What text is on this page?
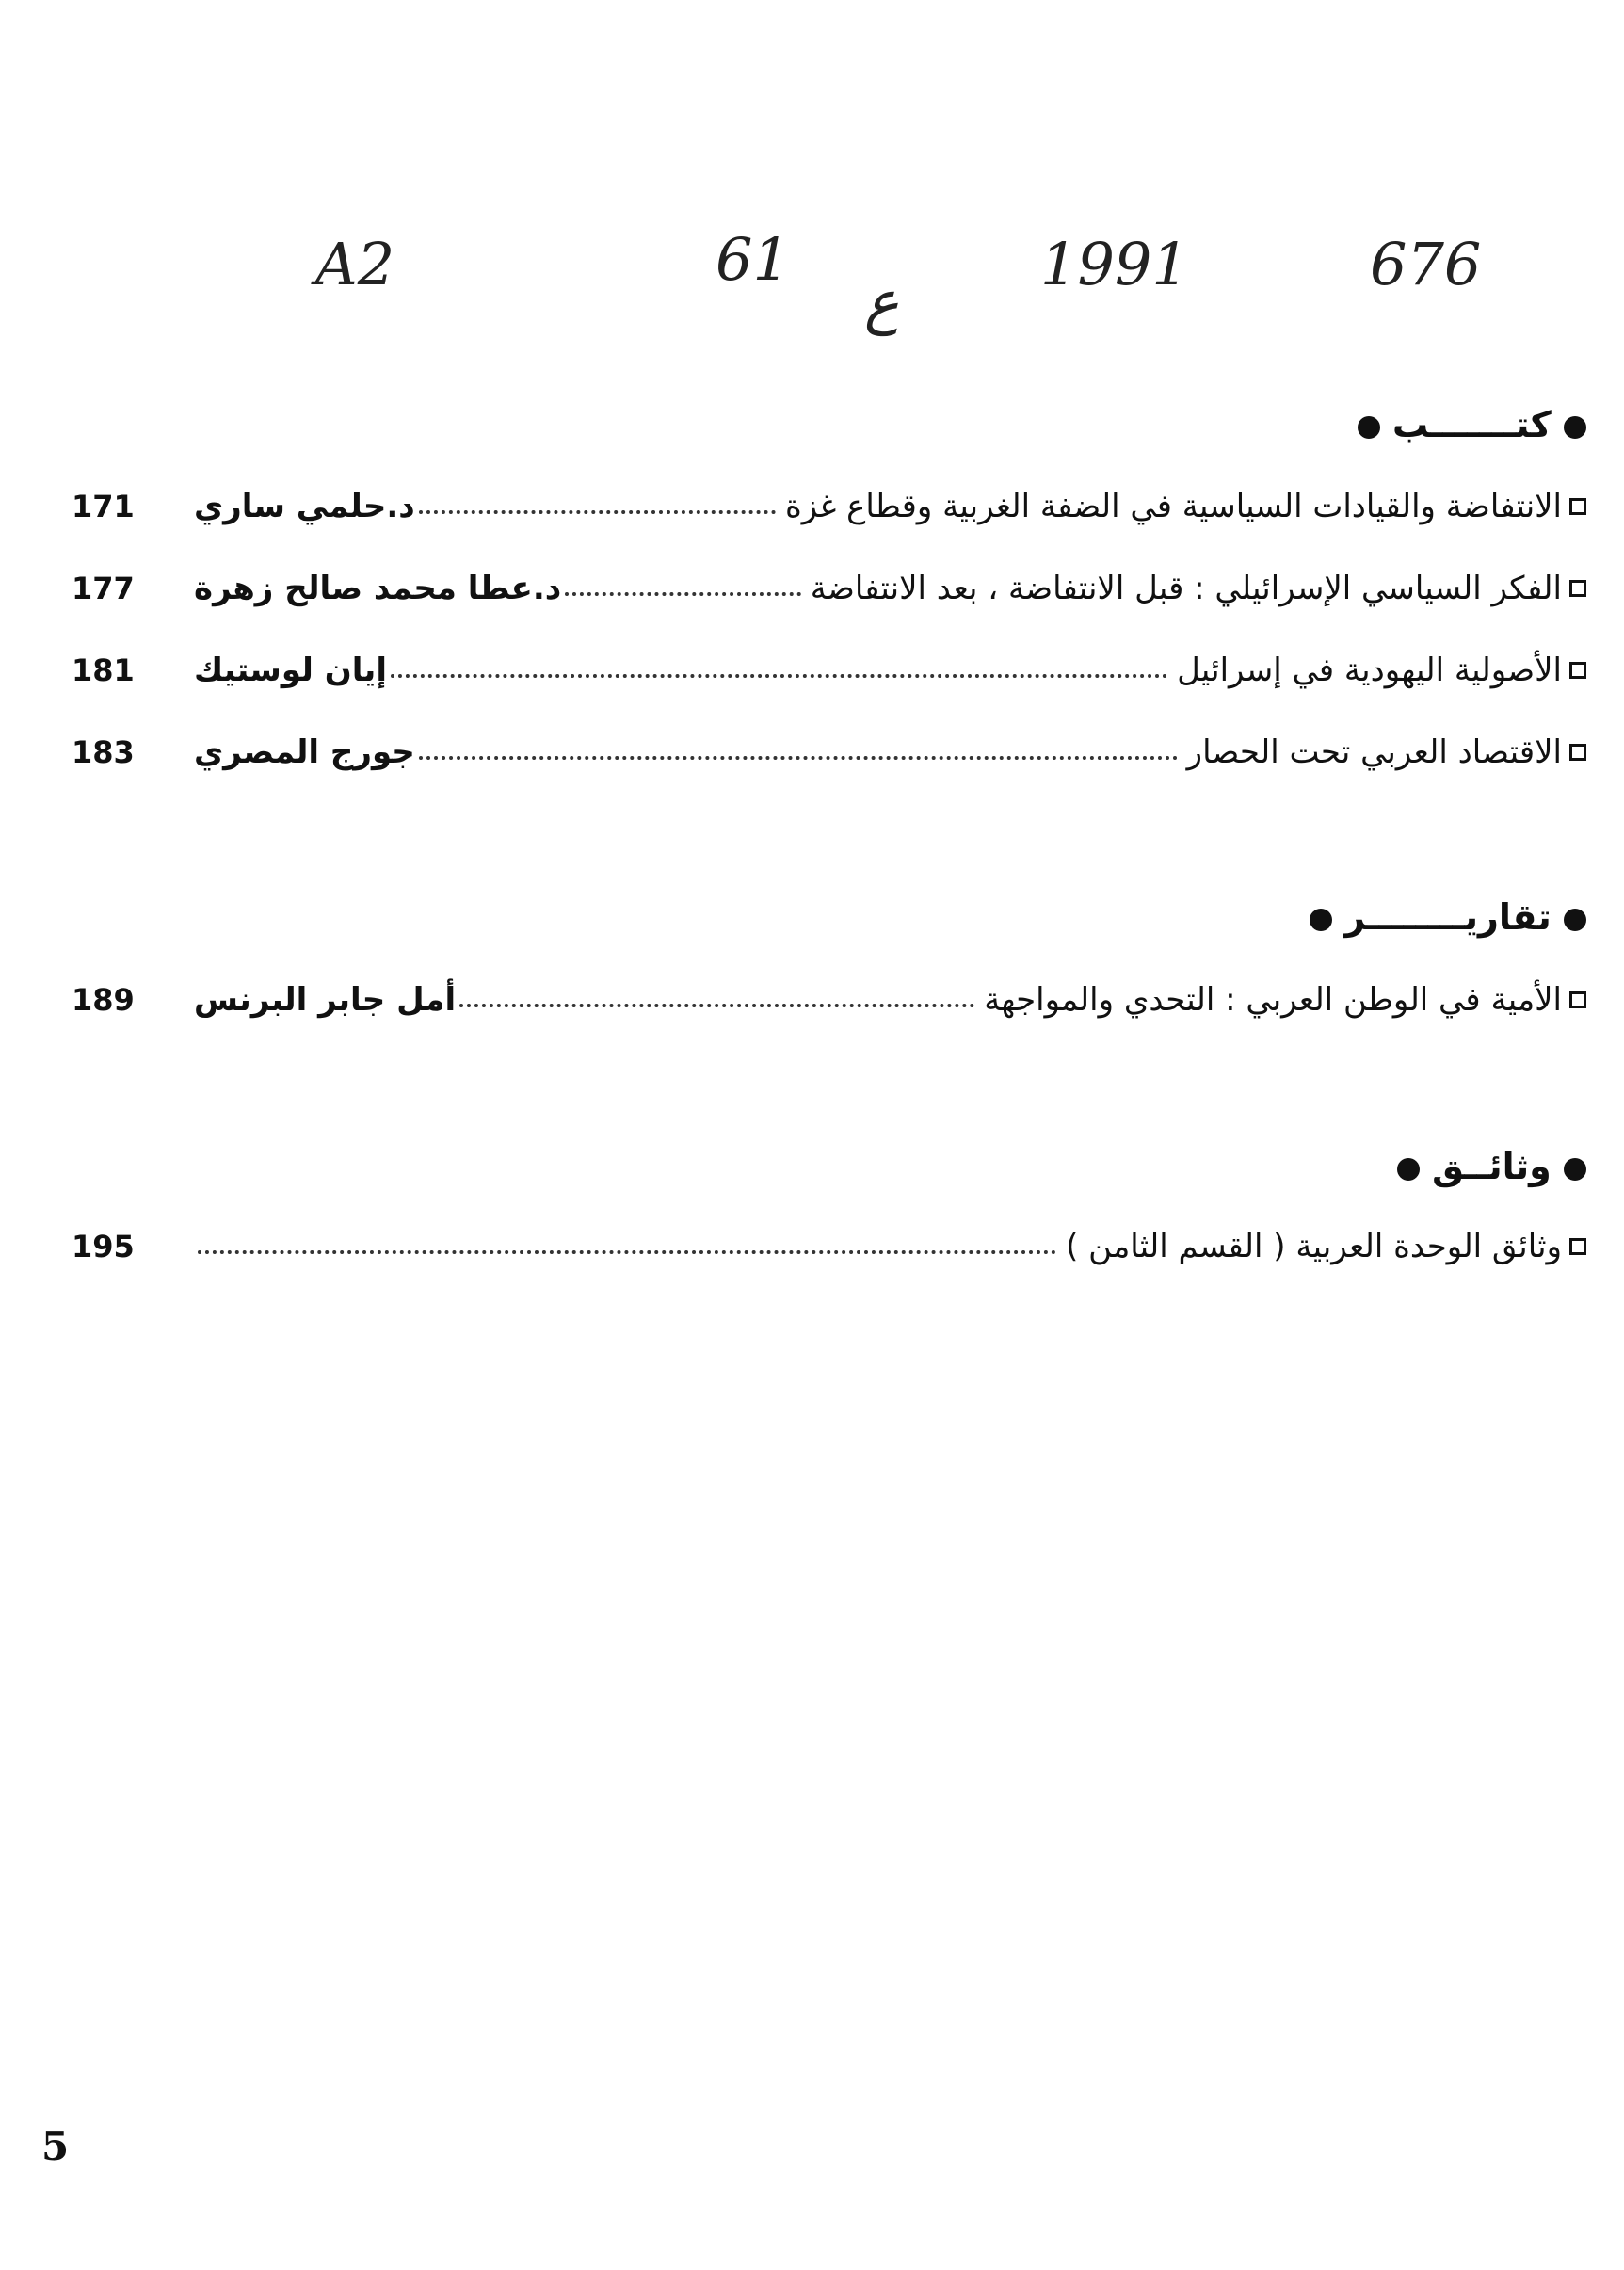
A2	61
ع
1991	676
كتـــــــب
الانتفاضة والقيادات السياسية في الضفة الغربية وقطاع غزة
د.حلمي ساري
171
الفكر السياسي الإسرائيلي : قبل الانتفاضة ، بعد الانتفاضة
د.عطا محمد صالح زهرة
177
الأصولية اليهودية في إسرائيل
إيان لوستيك
181
الاقتصاد العربي تحت الحصار
جورج المصري
183
تقاريــــــــر
الأمية في الوطن العربي : التحدي والمواجهة
أمل جابر البرنس
189
وثائــق
وثائق الوحدة العربية ( القسم الثامن )
195
5
